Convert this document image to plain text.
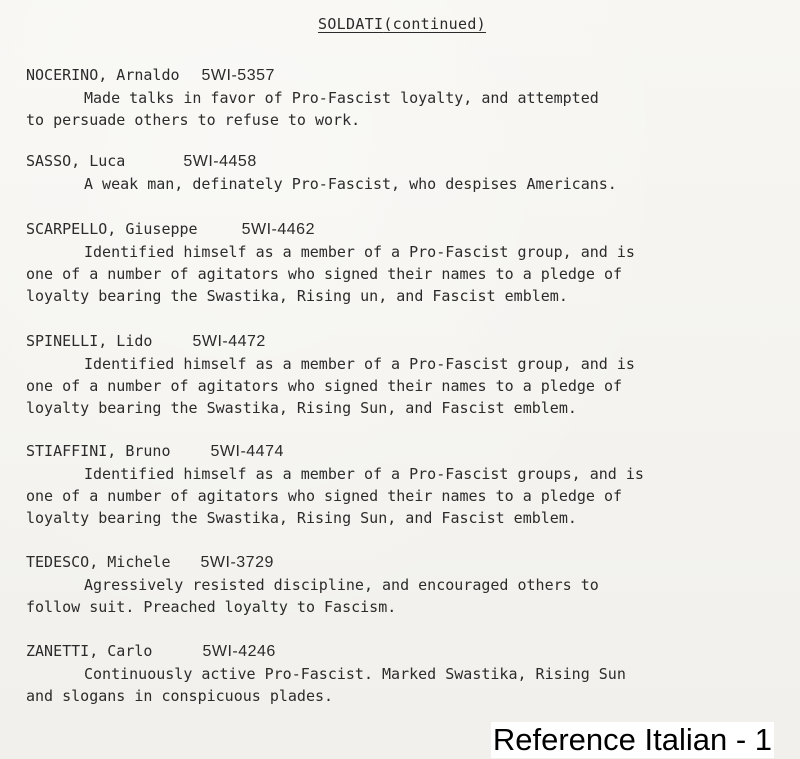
SOLDATI(continued)
NOCERINO, Arnaldo 5WI-5357
Made talks in favor of Pro-Fascist loyalty, and attempted
to persuade others to refuse to work.
SASSO, Luca	5WI-4458
A weak man, definately Pro-Fascist, who despises Americans.
SCARPELLO, Giuseppe	5WI-4462
Identified himself as a member of a Pro-Fascist group, and is
one of a number of agitators who signed their names to a pledge of
loyalty bearing the Swastika, Rising un, and Fascist emblem.
SPINELLI, Lido	5WI-4472
Identified himself as a member of a Pro-Fascist group, and is
one of a number of agitators who signed their names to a pledge of
loyalty bearing the Swastika, Rising Sun, and Fascist emblem.
STIAFFINI, Bruno	5WI-4474
Identified himself as a member of a Pro-Fascist groups, and is
one of a number of agitators who signed their names to a pledge of
loyalty bearing the Swastika, Rising Sun, and Fascist emblem.
TEDESCO, Michele 5WI-3729
Agressively resisted discipline, and encouraged others to
follow suit. Preached loyalty to Fascism.
ZANETTI, Carlo	5WI-4246
Continuously active Pro-Fascist. Marked Swastika, Rising Sun
and slogans in conspicuous plades.
Reference Italian - 1
